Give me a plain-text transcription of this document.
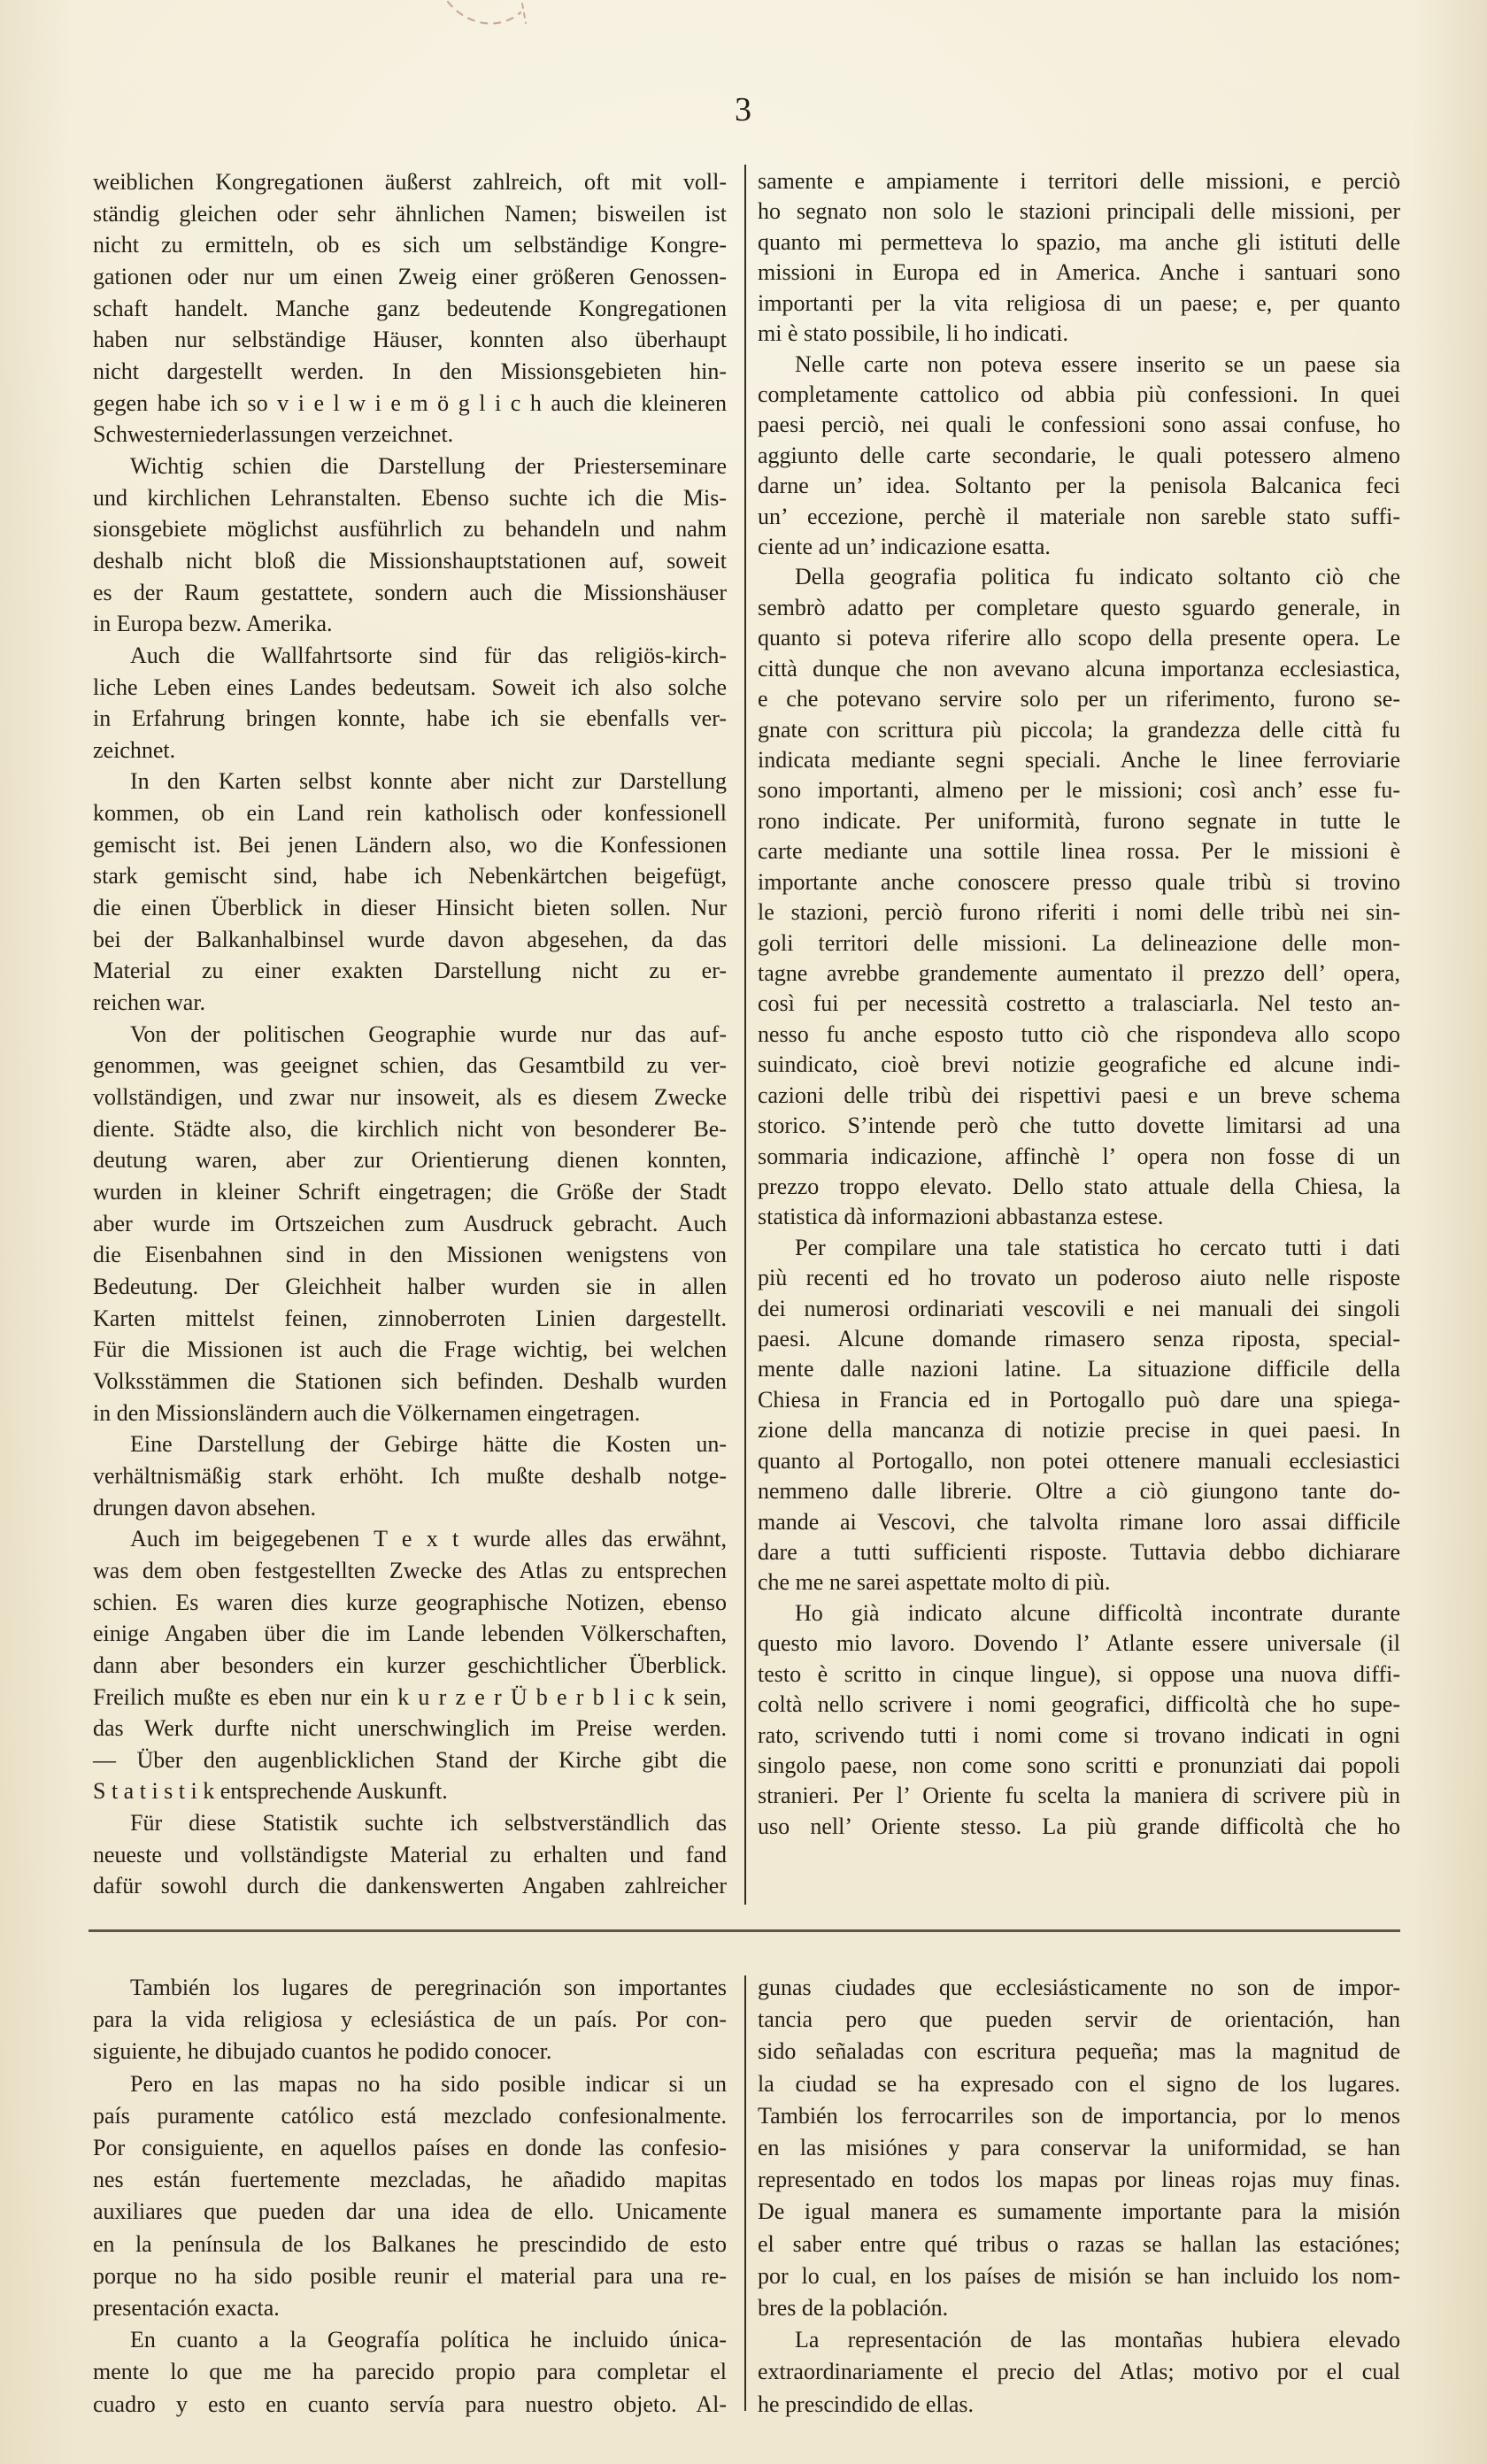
3
weiblichen Kongregationen äußerst zahlreich, oft mit voll-
ständig gleichen oder sehr ähnlichen Namen; bisweilen ist
nicht zu ermitteln, ob es sich um selbständige Kongre-
gationen oder nur um einen Zweig einer größeren Genossen-
schaft handelt. Manche ganz bedeutende Kongregationen
haben nur selbständige Häuser, konnten also überhaupt
nicht dargestellt werden. In den Missionsgebieten hin-
gegen habe ich so v i e l w i e m ö g l i c h auch die kleineren
Schwesterniederlassungen verzeichnet.
Wichtig schien die Darstellung der Priesterseminare
und kirchlichen Lehranstalten. Ebenso suchte ich die Mis-
sionsgebiete möglichst ausführlich zu behandeln und nahm
deshalb nicht bloß die Missionshauptstationen auf, soweit
es der Raum gestattete, sondern auch die Missionshäuser
in Europa bezw. Amerika.
Auch die Wallfahrtsorte sind für das religiös-kirch-
liche Leben eines Landes bedeutsam. Soweit ich also solche
in Erfahrung bringen konnte, habe ich sie ebenfalls ver-
zeichnet.
In den Karten selbst konnte aber nicht zur Darstellung
kommen, ob ein Land rein katholisch oder konfessionell
gemischt ist. Bei jenen Ländern also, wo die Konfessionen
stark gemischt sind, habe ich Nebenkärtchen beigefügt,
die einen Überblick in dieser Hinsicht bieten sollen. Nur
bei der Balkanhalbinsel wurde davon abgesehen, da das
Material zu einer exakten Darstellung nicht zu er-
reichen war.
Von der politischen Geographie wurde nur das auf-
genommen, was geeignet schien, das Gesamtbild zu ver-
vollständigen, und zwar nur insoweit, als es diesem Zwecke
diente. Städte also, die kirchlich nicht von besonderer Be-
deutung waren, aber zur Orientierung dienen konnten,
wurden in kleiner Schrift eingetragen; die Größe der Stadt
aber wurde im Ortszeichen zum Ausdruck gebracht. Auch
die Eisenbahnen sind in den Missionen wenigstens von
Bedeutung. Der Gleichheit halber wurden sie in allen
Karten mittelst feinen, zinnoberroten Linien dargestellt.
Für die Missionen ist auch die Frage wichtig, bei welchen
Volksstämmen die Stationen sich befinden. Deshalb wurden
in den Missionsländern auch die Völkernamen eingetragen.
Eine Darstellung der Gebirge hätte die Kosten un-
verhältnismäßig stark erhöht. Ich mußte deshalb notge-
drungen davon absehen.
Auch im beigegebenen T e x t wurde alles das erwähnt,
was dem oben festgestellten Zwecke des Atlas zu entsprechen
schien. Es waren dies kurze geographische Notizen, ebenso
einige Angaben über die im Lande lebenden Völkerschaften,
dann aber besonders ein kurzer geschichtlicher Überblick.
Freilich mußte es eben nur ein k u r z e r Ü b e r b l i c k sein,
das Werk durfte nicht unerschwinglich im Preise werden.
— Über den augenblicklichen Stand der Kirche gibt die
S t a t i s t i k entsprechende Auskunft.
Für diese Statistik suchte ich selbstverständlich das
neueste und vollständigste Material zu erhalten und fand
dafür sowohl durch die dankenswerten Angaben zahlreicher
samente e ampiamente i territori delle missioni, e perciò
ho segnato non solo le stazioni principali delle missioni, per
quanto mi permetteva lo spazio, ma anche gli istituti delle
missioni in Europa ed in America. Anche i santuari sono
importanti per la vita religiosa di un paese; e, per quanto
mi è stato possibile, li ho indicati.
Nelle carte non poteva essere inserito se un paese sia
completamente cattolico od abbia più confessioni. In quei
paesi perciò, nei quali le confessioni sono assai confuse, ho
aggiunto delle carte secondarie, le quali potessero almeno
darne un’ idea. Soltanto per la penisola Balcanica feci
un’ eccezione, perchè il materiale non sareble stato suffi-
ciente ad un’ indicazione esatta.
Della geografia politica fu indicato soltanto ciò che
sembrò adatto per completare questo sguardo generale, in
quanto si poteva riferire allo scopo della presente opera. Le
città dunque che non avevano alcuna importanza ecclesiastica,
e che potevano servire solo per un riferimento, furono se-
gnate con scrittura più piccola; la grandezza delle città fu
indicata mediante segni speciali. Anche le linee ferroviarie
sono importanti, almeno per le missioni; così anch’ esse fu-
rono indicate. Per uniformità, furono segnate in tutte le
carte mediante una sottile linea rossa. Per le missioni è
importante anche conoscere presso quale tribù si trovino
le stazioni, perciò furono riferiti i nomi delle tribù nei sin-
goli territori delle missioni. La delineazione delle mon-
tagne avrebbe grandemente aumentato il prezzo dell’ opera,
così fui per necessità costretto a tralasciarla. Nel testo an-
nesso fu anche esposto tutto ciò che rispondeva allo scopo
suindicato, cioè brevi notizie geografiche ed alcune indi-
cazioni delle tribù dei rispettivi paesi e un breve schema
storico. S’intende però che tutto dovette limitarsi ad una
sommaria indicazione, affinchè l’ opera non fosse di un
prezzo troppo elevato. Dello stato attuale della Chiesa, la
statistica dà informazioni abbastanza estese.
Per compilare una tale statistica ho cercato tutti i dati
più recenti ed ho trovato un poderoso aiuto nelle risposte
dei numerosi ordinariati vescovili e nei manuali dei singoli
paesi. Alcune domande rimasero senza riposta, special-
mente dalle nazioni latine. La situazione difficile della
Chiesa in Francia ed in Portogallo può dare una spiega-
zione della mancanza di notizie precise in quei paesi. In
quanto al Portogallo, non potei ottenere manuali ecclesiastici
nemmeno dalle librerie. Oltre a ciò giungono tante do-
mande ai Vescovi, che talvolta rimane loro assai difficile
dare a tutti sufficienti risposte. Tuttavia debbo dichiarare
che me ne sarei aspettate molto di più.
Ho già indicato alcune difficoltà incontrate durante
questo mio lavoro. Dovendo l’ Atlante essere universale (il
testo è scritto in cinque lingue), si oppose una nuova diffi-
coltà nello scrivere i nomi geografici, difficoltà che ho supe-
rato, scrivendo tutti i nomi come si trovano indicati in ogni
singolo paese, non come sono scritti e pronunziati dai popoli
stranieri. Per l’ Oriente fu scelta la maniera di scrivere più in
uso nell’ Oriente stesso. La più grande difficoltà che ho
También los lugares de peregrinación son importantes
para la vida religiosa y eclesiástica de un país. Por con-
siguiente, he dibujado cuantos he podido conocer.
Pero en las mapas no ha sido posible indicar si un
país puramente católico está mezclado confesionalmente.
Por consiguiente, en aquellos países en donde las confesio-
nes están fuertemente mezcladas, he añadido mapitas
auxiliares que pueden dar una idea de ello. Unicamente
en la península de los Balkanes he prescindido de esto
porque no ha sido posible reunir el material para una re-
presentación exacta.
En cuanto a la Geografía política he incluido única-
mente lo que me ha parecido propio para completar el
cuadro y esto en cuanto servía para nuestro objeto. Al-
gunas ciudades que ecclesiásticamente no son de impor-
tancia pero que pueden servir de orientación, han
sido señaladas con escritura pequeña; mas la magnitud de
la ciudad se ha expresado con el signo de los lugares.
También los ferrocarriles son de importancia, por lo menos
en las misiónes y para conservar la uniformidad, se han
representado en todos los mapas por lineas rojas muy finas.
De igual manera es sumamente importante para la misión
el saber entre qué tribus o razas se hallan las estaciónes;
por lo cual, en los países de misión se han incluido los nom-
bres de la población.
La representación de las montañas hubiera elevado
extraordinariamente el precio del Atlas; motivo por el cual
he prescindido de ellas.
